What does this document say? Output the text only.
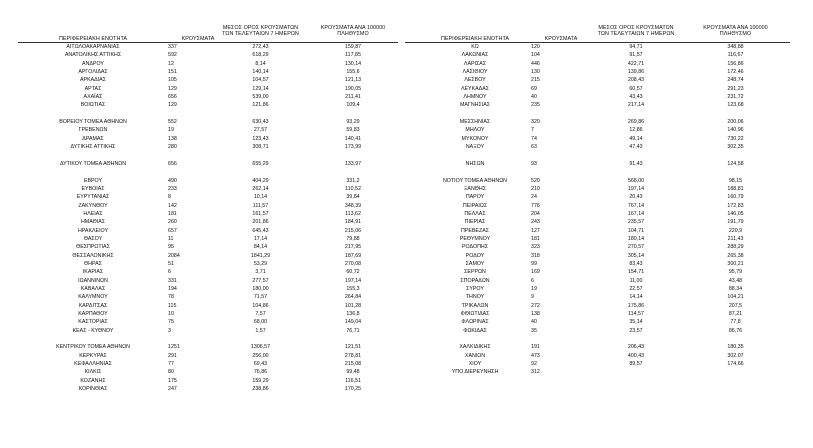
ΠΕΡΙΦΕΡΕΙΑΚΗ ΕΝΟΤΗΤΑ	ΚΡΟΥΣΜΑΤΑ
ΜΕΣΟΣ ΟΡΟΣ ΚΡΟΥΣΜΑΤΩΝ
ΤΩΝ ΤΕΛΕΥΤΑΙΩΝ 7 ΗΜΕΡΩΝ
ΚΡΟΥΣΜΑΤΑ ΑΝΑ 100000
ΠΛΗΘΥΣΜΟ
ΑΙΤΩΛΟΑΚΑΡΝΑΝΙΑΣ	337	272,43	159,87
ΑΝΑΤΟΛΙΚΗΣ ΑΤΤΙΚΗΣ	592	618,29	117,85
ΑΝΔΡΟΥ	12	8,14	130,14
ΑΡΓΟΛΙΔΑΣ	151	140,14	155,6
ΑΡΚΑΔΙΑΣ	105	104,57	121,13
ΑΡΤΑΣ	129	129,14	190,05
ΑΧΑΪΑΣ	656	539,00	211,41
ΒΟΙΩΤΙΑΣ	129	121,86	109,4
ΒΟΡΕΙΟΥ ΤΟΜΕΑ ΑΘΗΝΩΝ	552	630,43	93,29
ΓΡΕΒΕΝΩΝ	19	27,57	59,83
ΔΡΑΜΑΣ	138	123,43	140,41
ΔΥΤΙΚΗΣ ΑΤΤΙΚΗΣ	280	308,71	173,99
ΔΥΤΙΚΟΥ ΤΟΜΕΑ ΑΘΗΝΩΝ	656	655,29	133,97
ΕΒΡΟΥ	490	404,29	331,2
ΕΥΒΟΙΑΣ	233	262,14	110,52
ΕΥΡΥΤΑΝΙΑΣ	8	10,14	39,84
ΖΑΚΥΝΘΟΥ	142	111,57	348,39
ΗΛΕΙΑΣ	181	161,57	113,62
ΗΜΑΘΙΑΣ	260	201,86	184,91
ΗΡΑΚΛΕΙΟΥ	657	645,43	215,06
ΘΑΣΟΥ	11	17,14	79,88
ΘΕΣΠΡΩΤΙΑΣ	95	84,14	217,95
ΘΕΣΣΑΛΟΝΙΚΗΣ	2084	1841,29	187,69
ΘΗΡΑΣ	51	53,29	270,08
ΙΚΑΡΙΑΣ	6	3,71	60,72
ΙΩΑΝΝΙΝΩΝ	331	277,57	197,14
ΚΑΒΑΛΑΣ	194	180,00	155,3
ΚΑΛΥΜΝΟΥ	78	71,57	264,84
ΚΑΡΔΙΤΣΑΣ	115	104,86	101,28
ΚΑΡΠΑΘΟΥ	10	7,57	136,8
ΚΑΣΤΟΡΙΑΣ	75	68,00	149,04
ΚΕΑΣ - ΚΥΘΝΟΥ	3	1,57	76,71
ΚΕΝΤΡΙΚΟΥ ΤΟΜΕΑ ΑΘΗΝΩΝ	1251	1306,57	121,51
ΚΕΡΚΥΡΑΣ	291	256,00	278,81
ΚΕΦΑΛΛΗΝΙΑΣ	77	69,43	215,08
ΚΙΛΚΙΣ	80	76,86	99,48
ΚΟΖΑΝΗΣ	175	159,29	116,51
ΚΟΡΙΝΘΙΑΣ	247	238,86	170,25
ΠΕΡΙΦΕΡΕΙΑΚΗ ΕΝΟΤΗΤΑ	ΚΡΟΥΣΜΑΤΑ
ΜΕΣΟΣ ΟΡΟΣ ΚΡΟΥΣΜΑΤΩΝ
ΤΩΝ ΤΕΛΕΥΤΑΙΩΝ 7 ΗΜΕΡΩΝ
ΚΡΟΥΣΜΑΤΑ ΑΝΑ 100000
ΠΛΗΘΥΣΜΟ
ΚΩ	120	94,71	348,88
ΛΑΚΩΝΙΑΣ	104	91,57	116,67
ΛΑΡΙΣΑΣ	446	422,71	156,86
ΛΑΣΙΘΙΟΥ	130	139,86	172,46
ΛΕΣΒΟΥ	215	208,43	248,74
ΛΕΥΚΑΔΑΣ	69	60,57	291,23
ΛΗΜΝΟΥ	40	43,43	231,72
ΜΑΓΝΗΣΙΑΣ	235	217,14	123,68
ΜΕΣΣΗΝΙΑΣ	320	269,86	200,06
ΜΗΛΟΥ	7	12,86	140,96
ΜΥΚΟΝΟΥ	74	49,14	730,22
ΝΑΞΟΥ	63	47,43	302,35
ΝΗΣΩΝ	93	91,43	124,58
ΝΟΤΙΟΥ ΤΟΜΕΑ ΑΘΗΝΩΝ	520	568,00	98,15
ΞΑΝΘΗΣ	210	197,14	188,81
ΠΑΡΟΥ	24	20,43	160,79
ΠΕΙΡΑΙΩΣ	776	767,14	172,83
ΠΕΛΛΑΣ	204	167,14	146,05
ΠΙΕΡΙΑΣ	243	235,57	191,79
ΠΡΕΒΕΖΑΣ	127	104,71	220,9
ΡΕΘΥΜΝΟΥ	181	180,14	211,43
ΡΟΔΟΠΗΣ	323	270,57	288,29
ΡΟΔΟΥ	318	305,14	265,38
ΣΑΜΟΥ	99	83,43	300,21
ΣΕΡΡΩΝ	169	154,71	95,79
ΣΠΟΡΑΔΩΝ	6	11,00	43,48
ΣΥΡΟΥ	19	22,57	88,34
ΤΗΝΟΥ	9	14,14	104,21
ΤΡΙΚΑΛΩΝ	272	175,86	207,5
ΦΘΙΩΤΙΔΑΣ	138	114,57	87,21
ΦΛΩΡΙΝΑΣ	40	35,14	77,8
ΦΩΚΙΔΑΣ	35	23,57	86,76
ΧΑΛΚΙΔΙΚΗΣ	191	206,43	180,35
ΧΑΝΙΩΝ	473	400,43	302,07
ΧΙΟΥ	92	89,57	174,66
ΥΠΟ ΔΙΕΡΕΥΝΗΣΗ	312
